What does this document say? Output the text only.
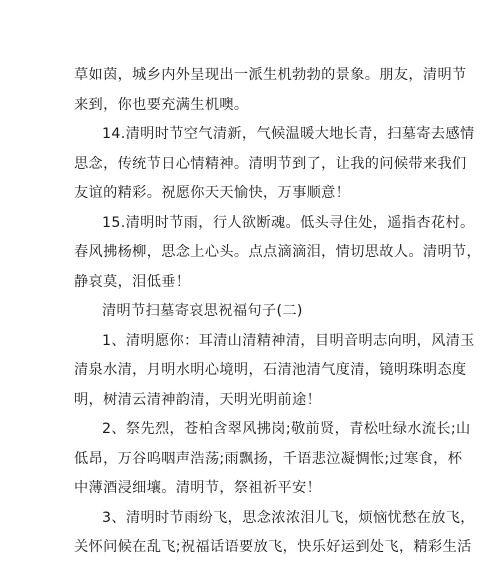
草如茵，城乡内外呈现出一派生机勃勃的景象。朋友，清明节
来到，你也要充满生机噢。
14.清明时节空气清新，气候温暖大地长青，扫墓寄去感情
思念，传统节日心情精神。清明节到了，让我的问候带来我们
友谊的精彩。祝愿你天天愉快，万事顺意！
15.清明时节雨，行人欲断魂。低头寻住处，遥指杏花村。
春风拂杨柳，思念上心头。点点滴滴泪，情切思故人。清明节，
静哀莫，泪低垂！
清明节扫墓寄哀思祝福句子(二)
1、清明愿你：耳清山清精神清，目明音明志向明，风清玉
清泉水清，月明水明心境明，石清池清气度清，镜明珠明态度
明，树清云清神韵清，天明光明前途！
2、祭先烈，苍柏含翠风拂岗;敬前贤，青松吐绿水流长;山
低昂，万谷呜咽声浩荡;雨飘扬，千语悲泣凝惆怅;过寒食，杯
中薄酒浸细壤。清明节，祭祖祈平安！
3、清明时节雨纷飞，思念浓浓泪儿飞，烦恼忧愁在放飞，
关怀问候在乱飞;祝福话语要放飞，快乐好运到处飞，精彩生活
